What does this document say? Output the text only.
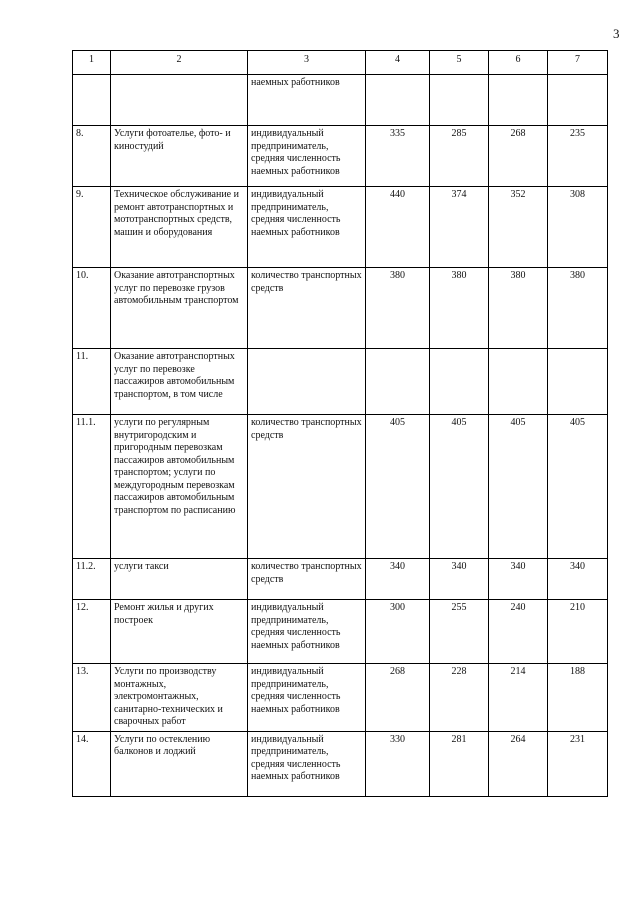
3
1	2	3	4	5	6	7
		наемных работников				
8.	Услуги фотоателье, фото- и киностудий	индивидуальный предприниматель, средняя численность наемных работников	335	285	268	235
9.	Техническое обслуживание и ремонт автотранспортных и мототранспортных средств, машин и оборудования	индивидуальный предприниматель, средняя численность наемных работников	440	374	352	308
10.	Оказание автотранспортных услуг по перевозке грузов автомобильным транспортом	количество транспортных средств	380	380	380	380
11.	Оказание автотранспортных услуг по перевозке пассажиров автомобильным транспортом, в том числе					
11.1.	услуги по регулярным внутригородским и пригородным перевозкам пассажиров автомобильным транспортом; услуги по междугородным перевозкам пассажиров автомобильным транспортом по расписанию	количество транспортных средств	405	405	405	405
11.2.	услуги такси	количество транспортных средств	340	340	340	340
12.	Ремонт жилья и других построек	индивидуальный предприниматель, средняя численность наемных работников	300	255	240	210
13.	Услуги по производству монтажных, электромонтажных, санитарно-технических и сварочных работ	индивидуальный предприниматель, средняя численность наемных работников	268	228	214	188
14.	Услуги по остеклению балконов и лоджий	индивидуальный предприниматель, средняя численность наемных работников	330	281	264	231
